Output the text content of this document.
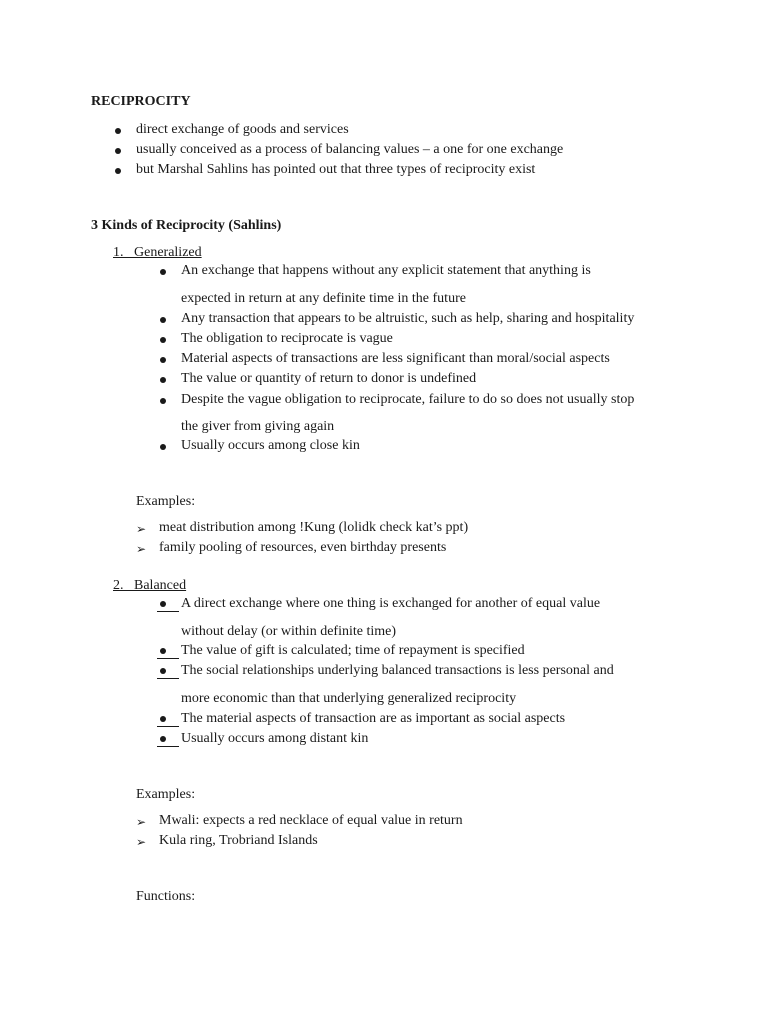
RECIPROCITY
direct exchange of goods and services
usually conceived as a process of balancing values – a one for one exchange
but Marshal Sahlins has pointed out that three types of reciprocity exist
3 Kinds of Reciprocity (Sahlins)
1. Generalized
An exchange that happens without any explicit statement that anything is
expected in return at any definite time in the future
Any transaction that appears to be altruistic, such as help, sharing and hospitality
The obligation to reciprocate is vague
Material aspects of transactions are less significant than moral/social aspects
The value or quantity of return to donor is undefined
Despite the vague obligation to reciprocate, failure to do so does not usually stop
the giver from giving again
Usually occurs among close kin
Examples:
➢ meat distribution among !Kung (lolidk check kat’s ppt)
➢ family pooling of resources, even birthday presents
2. Balanced
A direct exchange where one thing is exchanged for another of equal value
without delay (or within definite time)
The value of gift is calculated; time of repayment is specified
The social relationships underlying balanced transactions is less personal and
more economic than that underlying generalized reciprocity
The material aspects of transaction are as important as social aspects
Usually occurs among distant kin
Examples:
➢ Mwali: expects a red necklace of equal value in return
➢ Kula ring, Trobriand Islands
Functions:
